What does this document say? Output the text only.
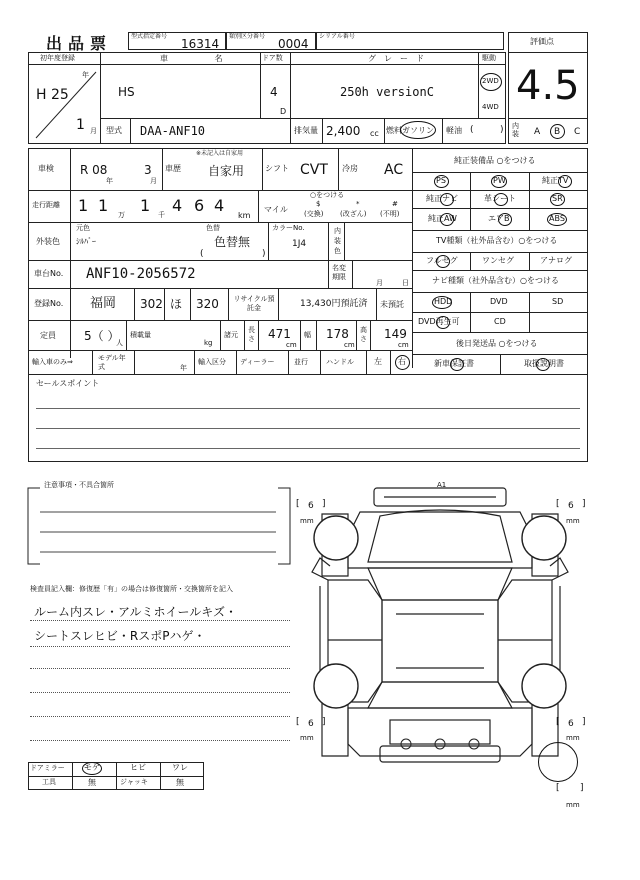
出品票	型式指定番号
16314
類別区分番号
0004
シリアル番号
評価点
4.5
内装 A B C
初年度登録
H 25
年
1 月
車 名
HS
ドア数
4
D
グレード
250h versionC
駆動
2WD
4WD
型式 DAA-ANF10	排気量 2,400 cc 燃料 ガソリン 軽油 (	)
車検 R 08
年
3
月
車歴
※未記入は自家用
自家用	シフト CVT 冷房 AC
走行距離 1 1 万 1 千 4 6 4
km
○をつける
マイル
$
(交換)
*
(改ざん)
#
(不明)
元色	色替
外装色 ｼﾙﾊﾞｰ	色替無
(	)
カラーNo.
1J4
内装色
車台No. ANF10-2056572	名変期限
月	日
登録No. 福岡 302 ほ 320 リサイクル預託金	13,430円預託済 未預託
定員 5（ ）
人
積載量
kg
諸元
長さ 471
cm
幅 178
cm
高さ 149
cm
輸入車のみ⇒	モデル年式	年
輸入区分 ディーラー	並行	ハンドル	左 右
純正装備品 ○をつける
PS	PW	純正TV
純正ナビ	革シート	SR
純正AW	エアB	ABS
TV種類（社外品含む）○をつける
フルセグ	ワンセグ	アナログ
ナビ種類（社外品含む）○をつける
HDD	DVD	SD
DVD再生可	CD
後日発送品 ○をつける
新車保証書	取扱説明書
セールスポイント
注意事項・不具合箇所
検査員記入欄：修復歴「有」の場合は修復箇所・交換箇所を記入
ルーム内スレ・アルミホイールキズ・
シートスレヒビ・RスポPハゲ・
ドアミラー モゲ	ヒビ	ワレ
工具	無	ジャッキ	無
A1
[ 6 ]
mm
[ 6 ]
mm
[ 6 ]
mm
[ 6 ]
mm
[ ]
mm
